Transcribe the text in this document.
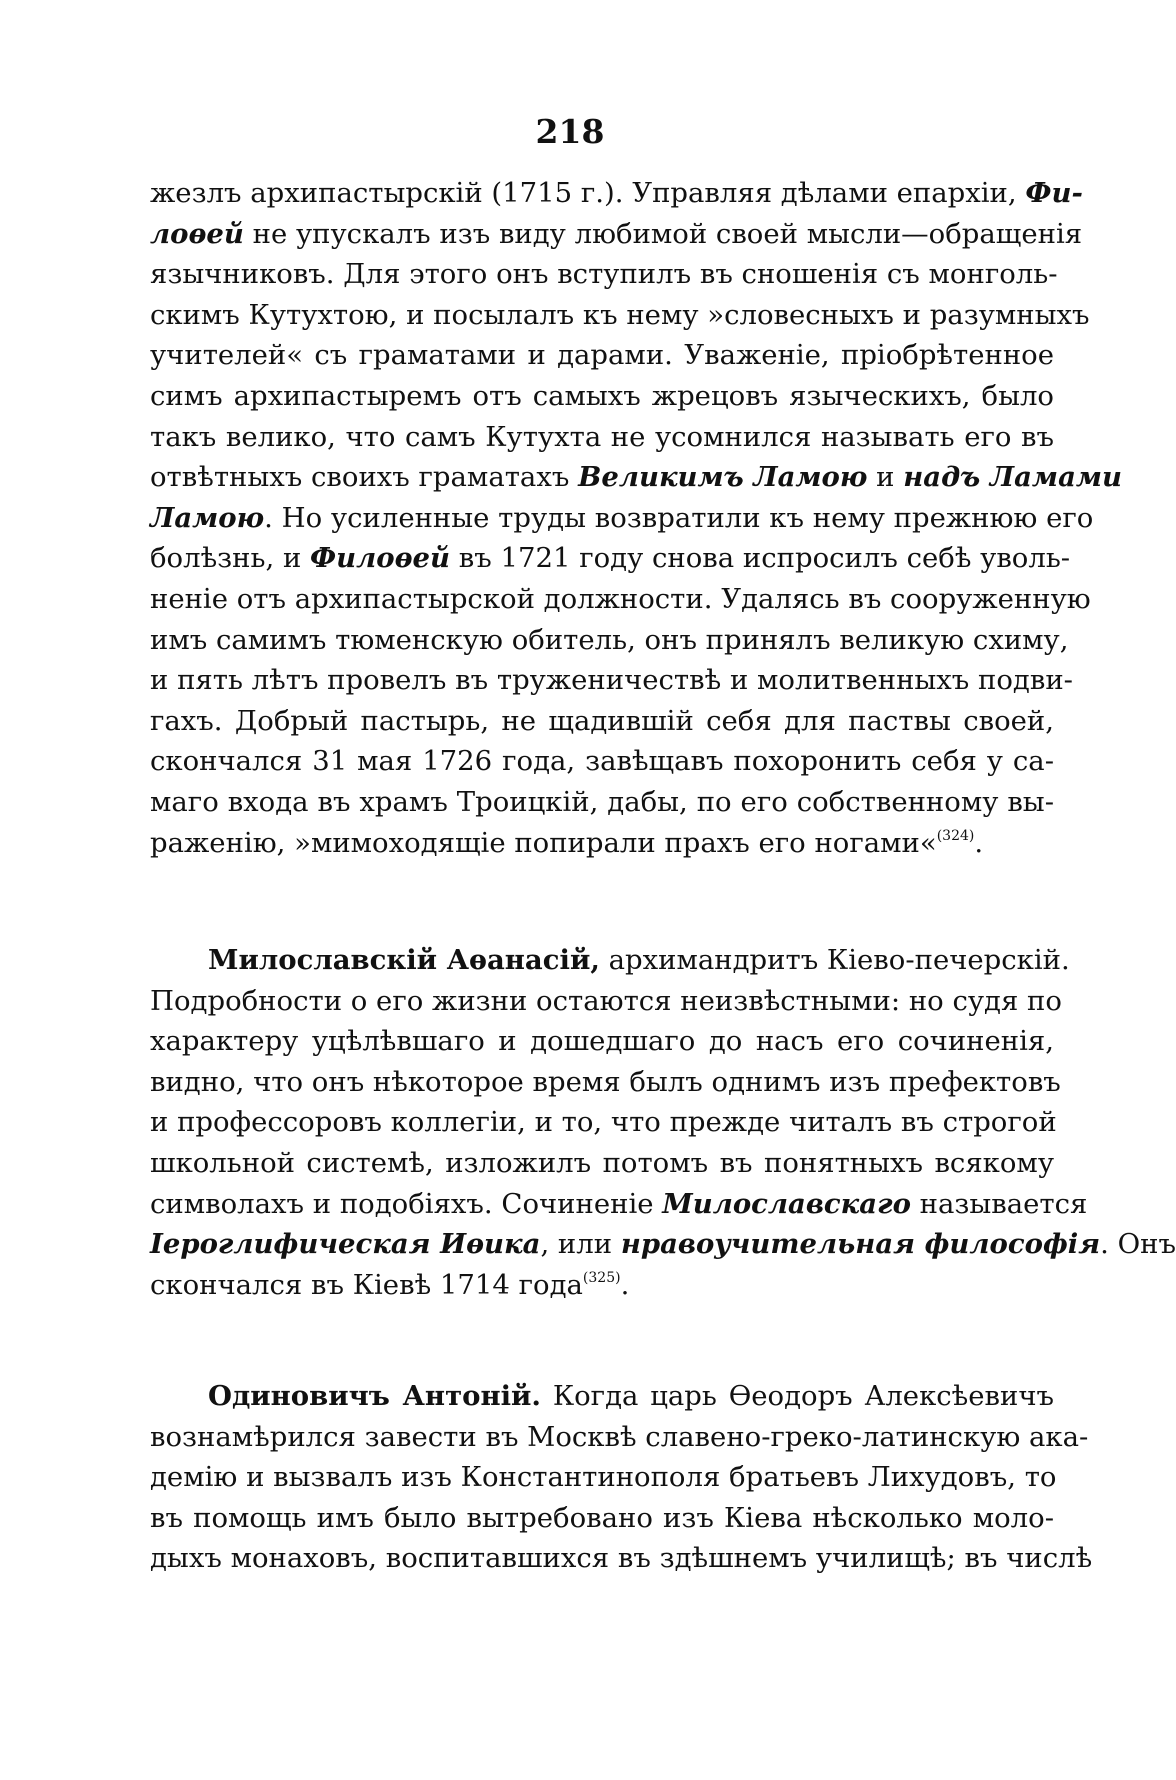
218
жезлъ архипастырскій (1715 г.). Управляя дѣлами епархіи, Фи-
лоѳей не упускалъ изъ виду любимой своей мысли—обращенія
язычниковъ. Для этого онъ вступилъ въ сношенія съ монголь-
скимъ Кутухтою, и посылалъ къ нему »словесныхъ и разумныхъ
учителей« съ граматами и дарами. Уваженіе, пріобрѣтенное
симъ архипастыремъ отъ самыхъ жрецовъ языческихъ, было
такъ велико, что самъ Кутухта не усомнился называть его въ
отвѣтныхъ своихъ граматахъ Великимъ Ламою и надъ Ламами
Ламою. Но усиленные труды возвратили къ нему прежнюю его
болѣзнь, и Филоѳей въ 1721 году снова испросилъ себѣ уволь-
неніе отъ архипастырской должности. Удалясь въ сооруженную
имъ самимъ тюменскую обитель, онъ принялъ великую схиму,
и пять лѣтъ провелъ въ труженичествѣ и молитвенныхъ подви-
гахъ. Добрый пастырь, не щадившій себя для паствы своей,
скончался 31 мая 1726 года, завѣщавъ похоронить себя у са-
маго входа въ храмъ Троицкій, дабы, по его собственному вы-
раженію, »мимоходящіе попирали прахъ его ногами«$^{(324)}$.
Милославскій Аѳанасій, архимандритъ Кіево-печерскій.
Подробности о его жизни остаются неизвѣстными: но судя по
характеру уцѣлѣвшаго и дошедшаго до насъ его сочиненія,
видно, что онъ нѣкоторое время былъ однимъ изъ префектовъ
и профессоровъ коллегіи, и то, что прежде читалъ въ строгой
школьной системѣ, изложилъ потомъ въ понятныхъ всякому
символахъ и подобіяхъ. Сочиненіе Милославскаго называется
Іероглифическая Иѳика, или нравоучительная философія. Онъ
скончался въ Кіевѣ 1714 года$^{(325)}$.
Одиновичъ Антоній. Когда царь Ѳеодоръ Алексѣевичъ
вознамѣрился завести въ Москвѣ славено-греко-латинскую ака-
демію и вызвалъ изъ Константинополя братьевъ Лихудовъ, то
въ помощь имъ было вытребовано изъ Кіева нѣсколько моло-
дыхъ монаховъ, воспитавшихся въ здѣшнемъ училищѣ; въ числѣ
